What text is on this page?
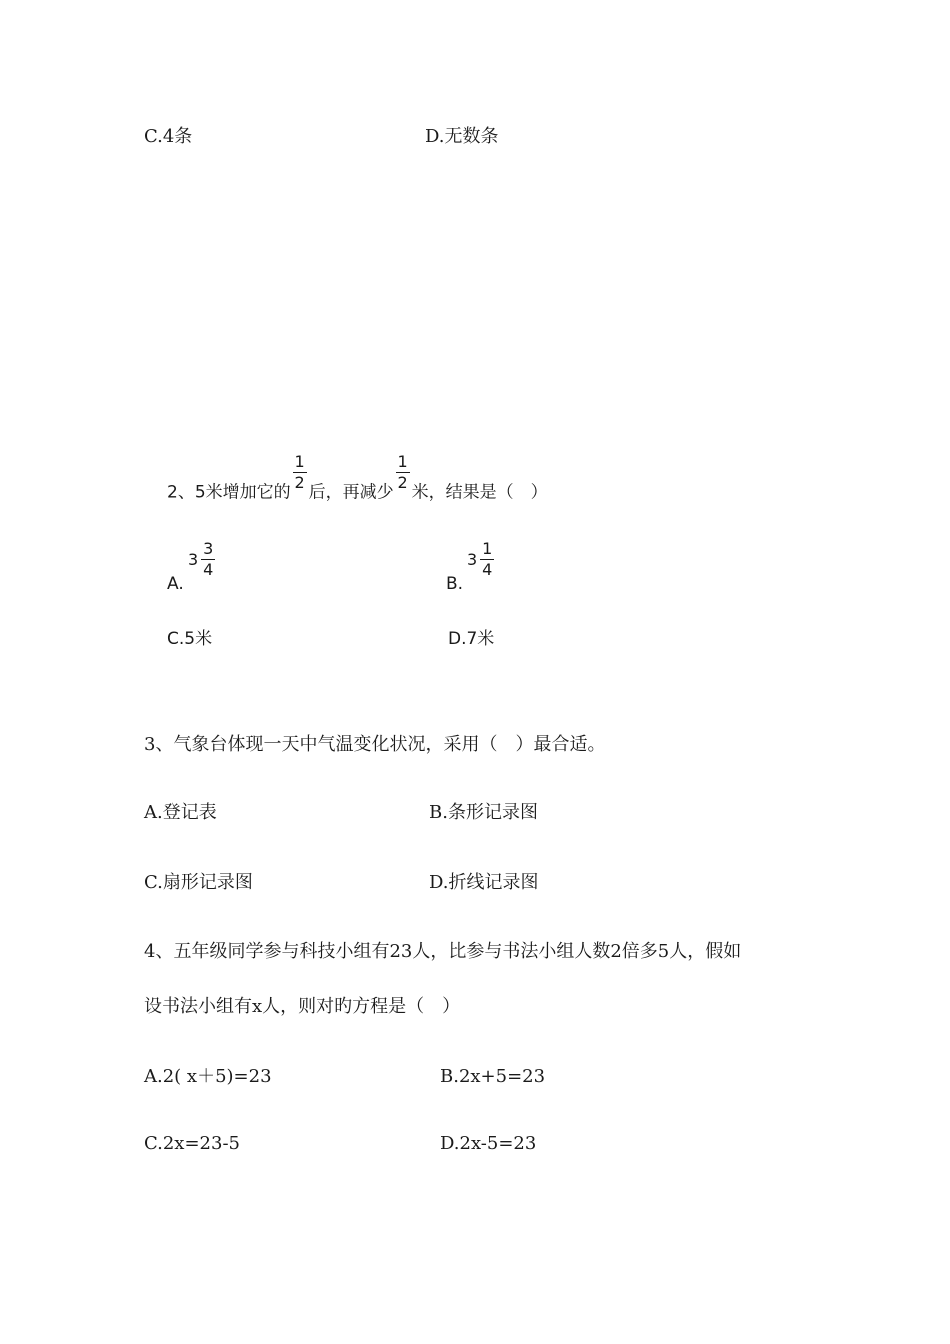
C.4条	D.无数条
2、5米增加它的
$\frac{1}{2}$
后，再减少
$\frac{1}{2}$
米，结果是（　）
A.
$3 \frac{3}{4}$
B.
$3 \frac{1}{4}$
C.5米	D.7米
3、气象台体现一天中气温变化状况，采用（　）最合适。
A.登记表	B.条形记录图
C.扇形记录图	D.折线记录图
4、五年级同学参与科技小组有23人，比参与书法小组人数2倍多5人，假如
设书法小组有x人，则对旳方程是（　）
A.2( x＋5)=23	B.2x+5=23
C.2x=23-5	D.2x-5=23
